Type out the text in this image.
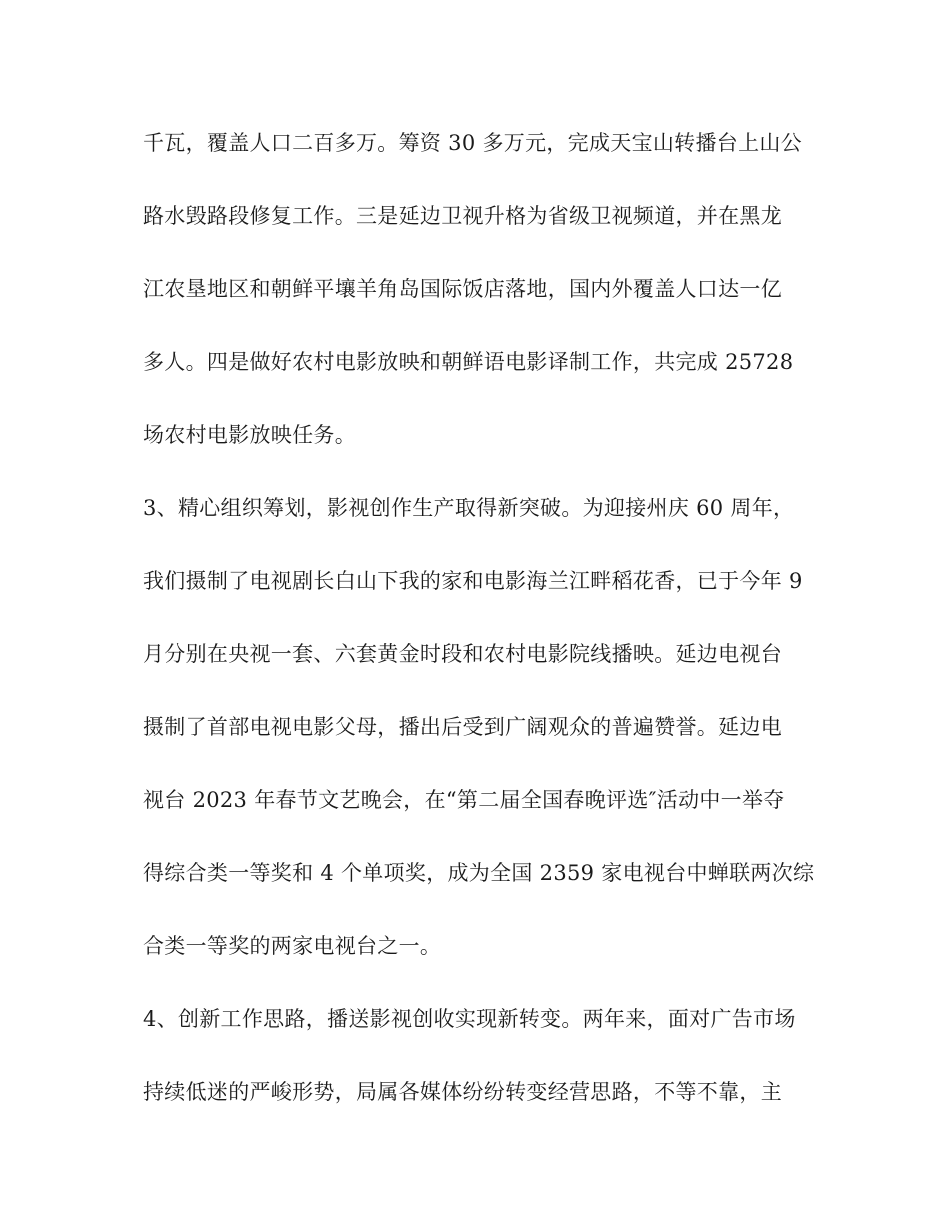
千瓦，覆盖人口二百多万。筹资 30 多万元，完成天宝山转播台上山公
路水毁路段修复工作。三是延边卫视升格为省级卫视频道，并在黑龙
江农垦地区和朝鲜平壤羊角岛国际饭店落地，国内外覆盖人口达一亿
多人。四是做好农村电影放映和朝鲜语电影译制工作，共完成 25728
场农村电影放映任务。
3、精心组织筹划，影视创作生产取得新突破。为迎接州庆 60 周年，
我们摄制了电视剧长白山下我的家和电影海兰江畔稻花香，已于今年 9
月分别在央视一套、六套黄金时段和农村电影院线播映。延边电视台
摄制了首部电视电影父母，播出后受到广阔观众的普遍赞誉。延边电
视台 2023 年春节文艺晚会，在“第二届全国春晚评选″活动中一举夺
得综合类一等奖和 4 个单项奖，成为全国 2359 家电视台中蝉联两次综
合类一等奖的两家电视台之一。
4、创新工作思路，播送影视创收实现新转变。两年来，面对广告市场
持续低迷的严峻形势，局属各媒体纷纷转变经营思路，不等不靠，主
